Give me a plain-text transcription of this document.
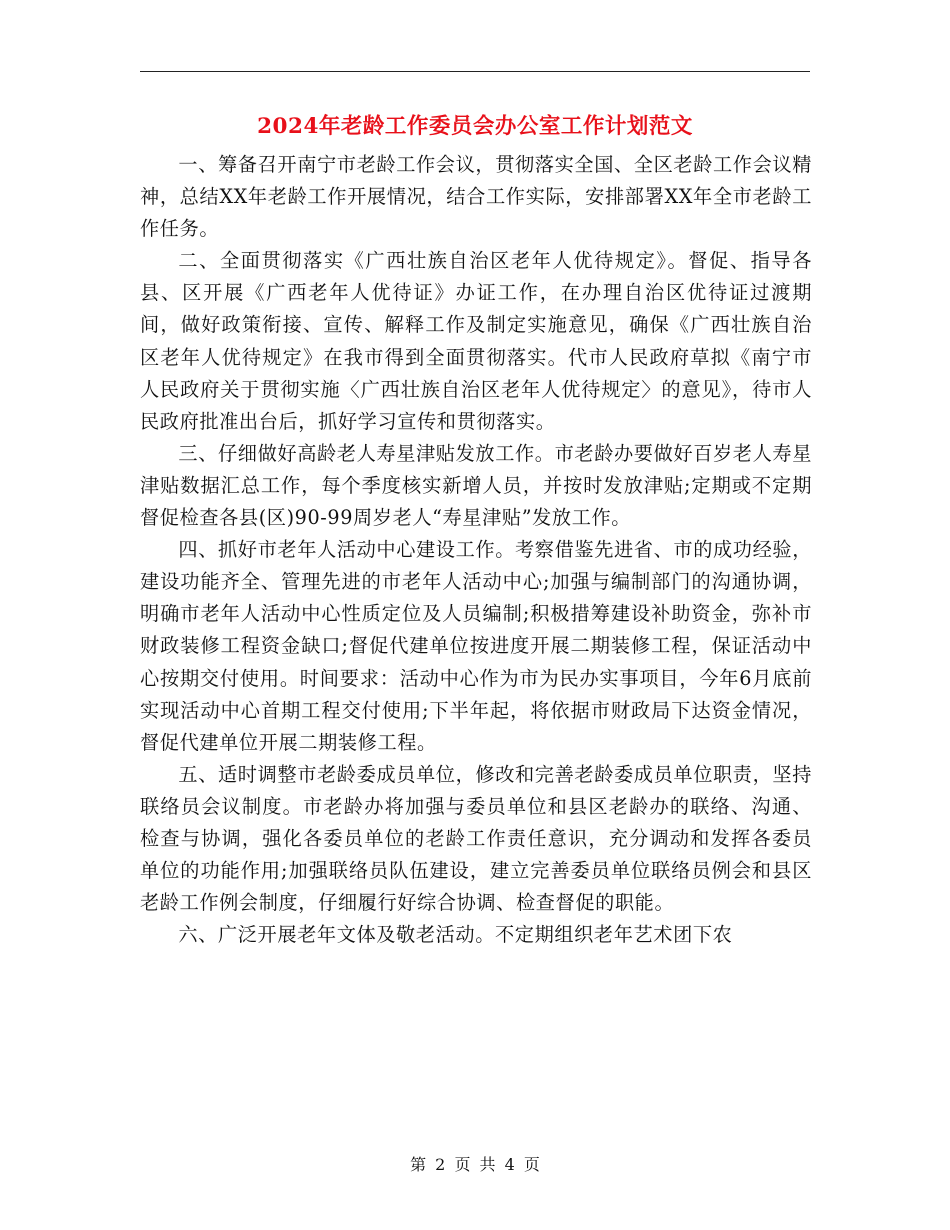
2024年老龄工作委员会办公室工作计划范文

一、筹备召开南宁市老龄工作会议，贯彻落实全国、全区老龄工作会议精神，总结XX年老龄工作开展情况，结合工作实际，安排部署XX年全市老龄工作任务。

二、全面贯彻落实《广西壮族自治区老年人优待规定》。督促、指导各县、区开展《广西老年人优待证》办证工作，在办理自治区优待证过渡期间，做好政策衔接、宣传、解释工作及制定实施意见，确保《广西壮族自治区老年人优待规定》在我市得到全面贯彻落实。代市人民政府草拟《南宁市人民政府关于贯彻实施〈广西壮族自治区老年人优待规定〉的意见》，待市人民政府批准出台后，抓好学习宣传和贯彻落实。

三、仔细做好高龄老人寿星津贴发放工作。市老龄办要做好百岁老人寿星津贴数据汇总工作，每个季度核实新增人员，并按时发放津贴;定期或不定期督促检查各县(区)90-99周岁老人“寿星津贴”发放工作。

四、抓好市老年人活动中心建设工作。考察借鉴先进省、市的成功经验，建设功能齐全、管理先进的市老年人活动中心;加强与编制部门的沟通协调，明确市老年人活动中心性质定位及人员编制;积极措筹建设补助资金，弥补市财政装修工程资金缺口;督促代建单位按进度开展二期装修工程，保证活动中心按期交付使用。时间要求：活动中心作为市为民办实事项目，今年6月底前实现活动中心首期工程交付使用;下半年起，将依据市财政局下达资金情况，督促代建单位开展二期装修工程。

五、适时调整市老龄委成员单位，修改和完善老龄委成员单位职责，坚持联络员会议制度。市老龄办将加强与委员单位和县区老龄办的联络、沟通、检查与协调，强化各委员单位的老龄工作责任意识，充分调动和发挥各委员单位的功能作用;加强联络员队伍建设，建立完善委员单位联络员例会和县区老龄工作例会制度，仔细履行好综合协调、检查督促的职能。

六、广泛开展老年文体及敬老活动。不定期组织老年艺术团下农

第 2 页 共 4 页
